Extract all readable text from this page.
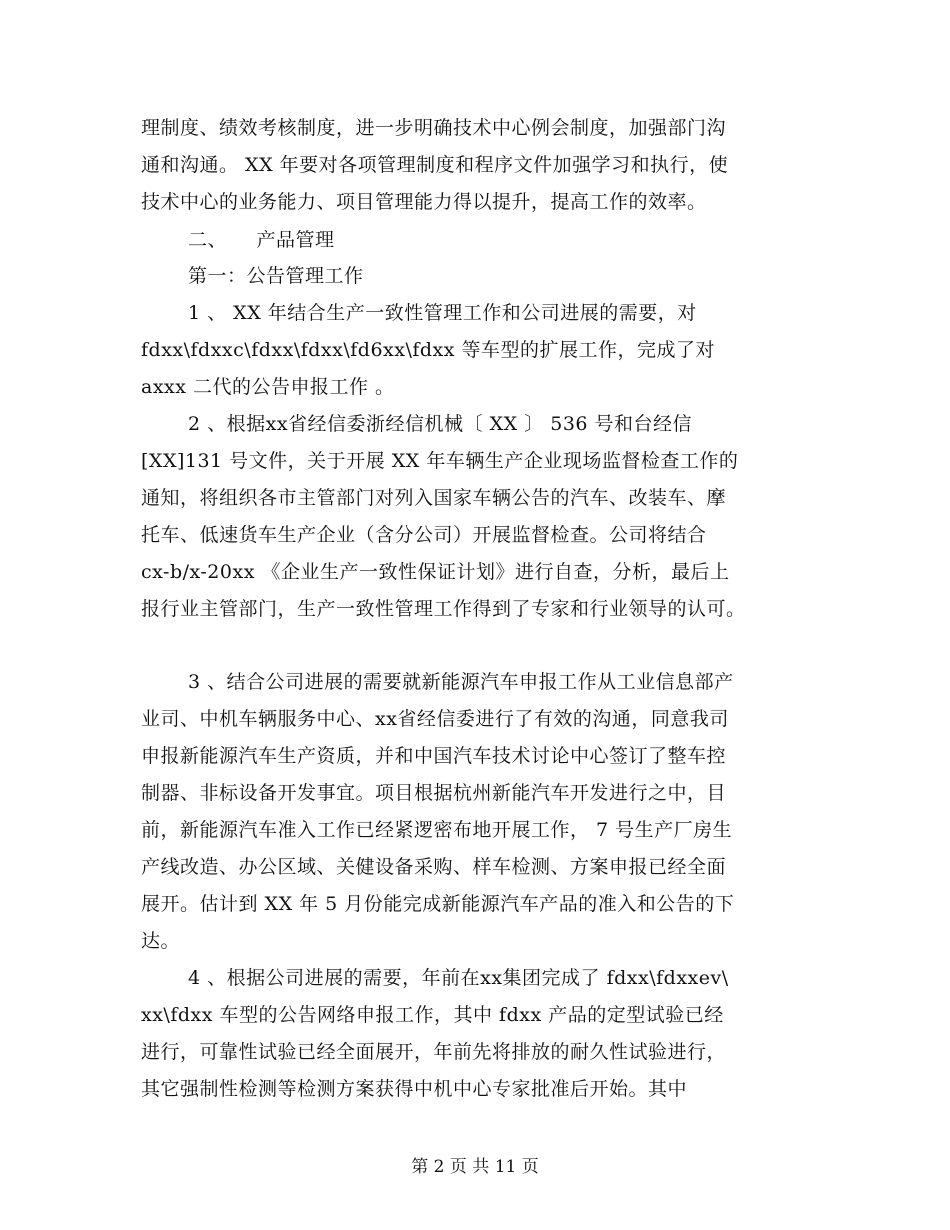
理制度、绩效考核制度，进一步明确技术中心例会制度，加强部门沟
通和沟通。 XX 年要对各项管理制度和程序文件加强学习和执行，使
技术中心的业务能力、项目管理能力得以提升，提高工作的效率。
二、　　产品管理
第一：公告管理工作
1 、 XX 年结合生产一致性管理工作和公司进展的需要，对
fdxx\fdxxc\fdxx\fdxx\fd6xx\fdxx 等车型的扩展工作，完成了对
axxx 二代的公告申报工作 。
2 、根据xx省经信委浙经信机械〔 XX 〕 536 号和台经信
[XX]131 号文件，关于开展 XX 年车辆生产企业现场监督检查工作的
通知，将组织各市主管部门对列入国家车辆公告的汽车、改装车、摩
托车、低速货车生产企业（含分公司）开展监督检查。公司将结合
cx-b/x-20xx 《企业生产一致性保证计划》进行自查，分析，最后上
报行业主管部门，生产一致性管理工作得到了专家和行业领导的认可。
3 、结合公司进展的需要就新能源汽车申报工作从工业信息部产
业司、中机车辆服务中心、xx省经信委进行了有效的沟通，同意我司
申报新能源汽车生产资质，并和中国汽车技术讨论中心签订了整车控
制器、非标设备开发事宜。项目根据杭州新能汽车开发进行之中，目
前，新能源汽车准入工作已经紧逻密布地开展工作， 7 号生产厂房生
产线改造、办公区域、关健设备采购、样车检测、方案申报已经全面
展开。估计到 XX 年 5 月份能完成新能源汽车产品的准入和公告的下
达。
4 、根据公司进展的需要，年前在xx集团完成了 fdxx\fdxxev\
xx\fdxx 车型的公告网络申报工作，其中 fdxx 产品的定型试验已经
进行，可靠性试验已经全面展开，年前先将排放的耐久性试验进行，
其它强制性检测等检测方案获得中机中心专家批准后开始。其中
第 2 页 共 11 页
